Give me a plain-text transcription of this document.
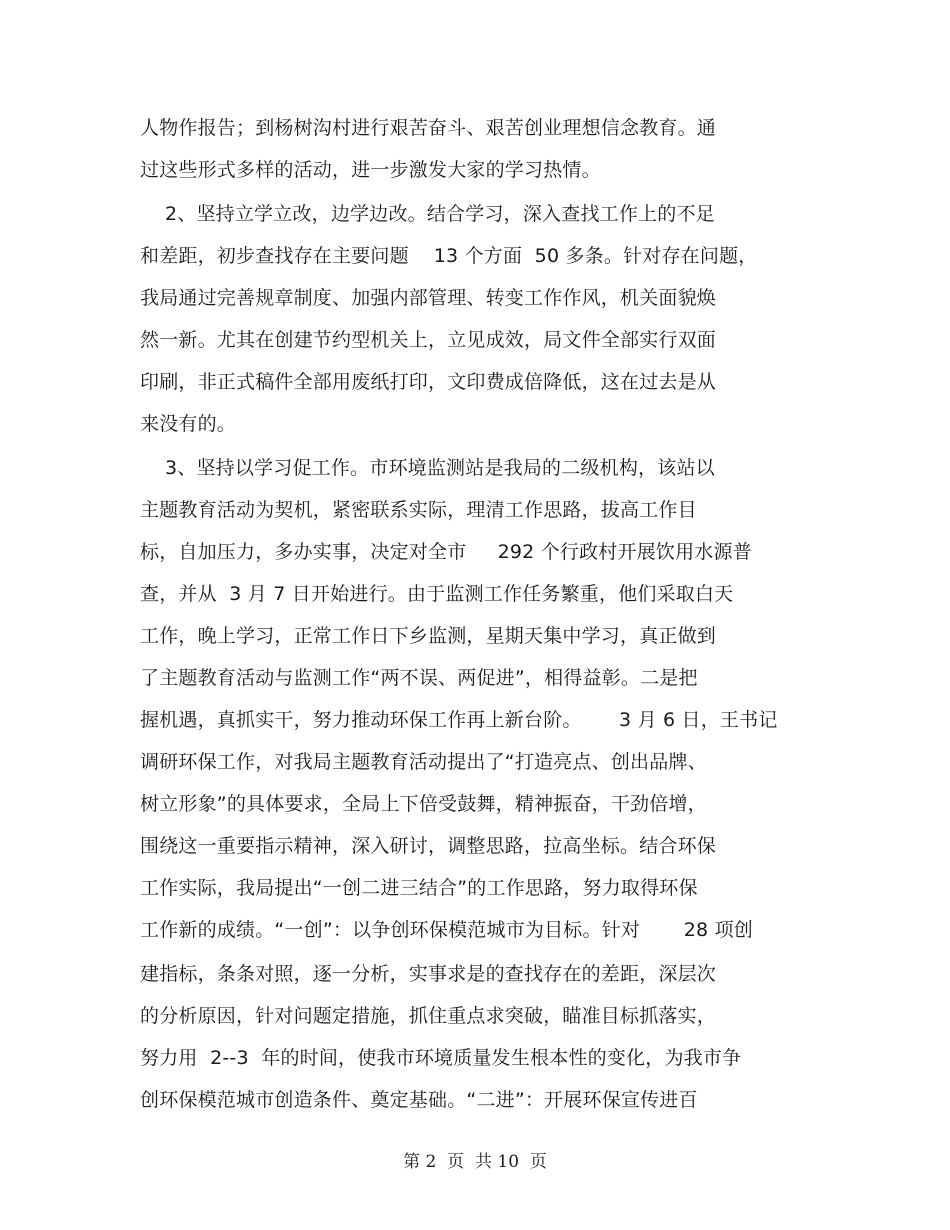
人物作报告；到杨树沟村进行艰苦奋斗、艰苦创业理想信念教育。通
过这些形式多样的活动，进一步激发大家的学习热情。
2、坚持立学立改，边学边改。结合学习，深入查找工作上的不足
和差距，初步查找存在主要问题    13 个方面  50 多条。针对存在问题，
我局通过完善规章制度、加强内部管理、转变工作作风，机关面貌焕
然一新。尤其在创建节约型机关上，立见成效，局文件全部实行双面
印刷，非正式稿件全部用废纸打印，文印费成倍降低，这在过去是从
来没有的。
3、坚持以学习促工作。市环境监测站是我局的二级机构，该站以
主题教育活动为契机，紧密联系实际，理清工作思路，拔高工作目
标，自加压力，多办实事，决定对全市     292 个行政村开展饮用水源普
查，并从  3 月 7 日开始进行。由于监测工作任务繁重，他们采取白天
工作，晚上学习，正常工作日下乡监测，星期天集中学习，真正做到
了主题教育活动与监测工作“两不误、两促进”，相得益彰。二是把
握机遇，真抓实干，努力推动环保工作再上新台阶。      3 月 6 日，王书记
调研环保工作，对我局主题教育活动提出了“打造亮点、创出品牌、
树立形象”的具体要求，全局上下倍受鼓舞，精神振奋，干劲倍增，
围绕这一重要指示精神，深入研讨，调整思路，拉高坐标。结合环保
工作实际，我局提出“一创二进三结合”的工作思路，努力取得环保
工作新的成绩。“一创”：以争创环保模范城市为目标。针对       28 项创
建指标，条条对照，逐一分析，实事求是的查找存在的差距，深层次
的分析原因，针对问题定措施，抓住重点求突破，瞄准目标抓落实，
努力用  2--3  年的时间，使我市环境质量发生根本性的变化，为我市争
创环保模范城市创造条件、奠定基础。“二进”：开展环保宣传进百
第 2  页  共 10  页
